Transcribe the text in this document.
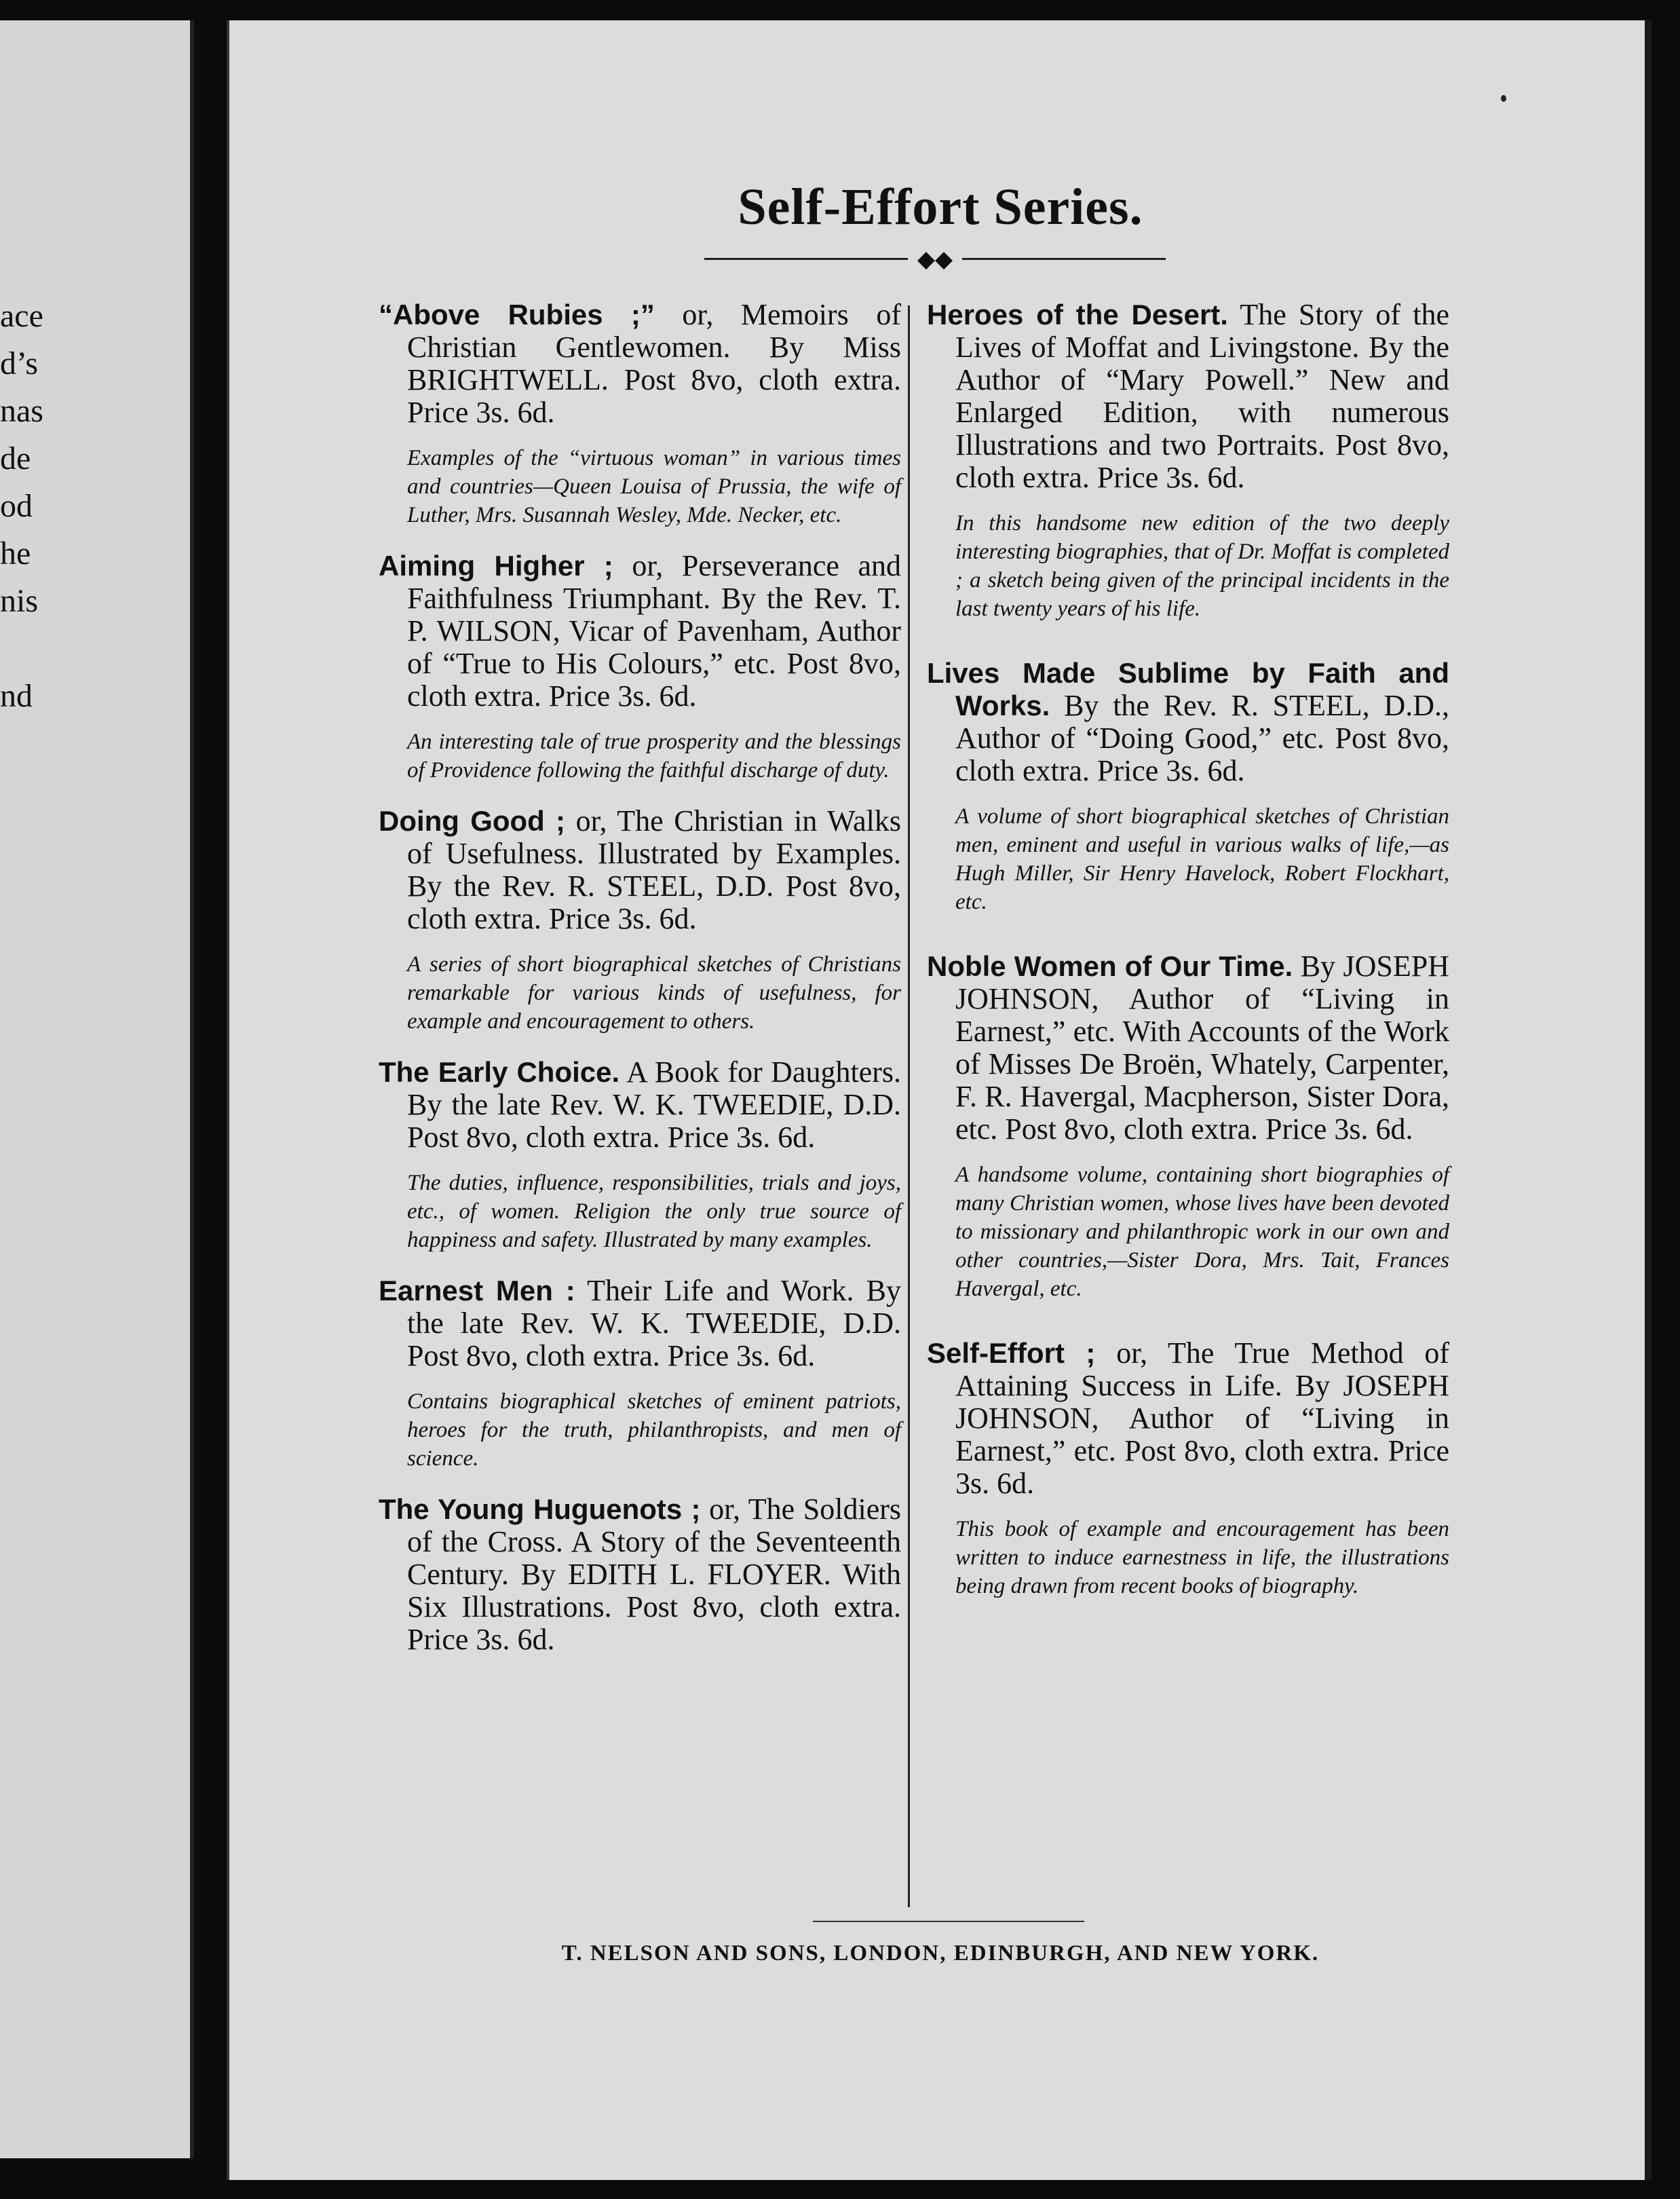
ace
d’s
nas
de
od
he
nis
nd
Self-Effort Series.
◆◆
“Above Rubies ;” or, Memoirs of Christian Gentlewomen. By Miss BRIGHTWELL. Post 8vo, cloth extra. Price 3s. 6d.
Examples of the “virtuous woman” in various times and countries—Queen Louisa of Prussia, the wife of Luther, Mrs. Susannah Wesley, Mde. Necker, etc.
Aiming Higher ; or, Perseverance and Faithfulness Triumphant. By the Rev. T. P. WILSON, Vicar of Pavenham, Author of “True to His Colours,” etc. Post 8vo, cloth extra. Price 3s. 6d.
An interesting tale of true prosperity and the blessings of Providence following the faithful discharge of duty.
Doing Good ; or, The Christian in Walks of Usefulness. Illustrated by Examples. By the Rev. R. STEEL, D.D. Post 8vo, cloth extra. Price 3s. 6d.
A series of short biographical sketches of Christians remarkable for various kinds of usefulness, for example and encouragement to others.
The Early Choice. A Book for Daughters. By the late Rev. W. K. TWEEDIE, D.D. Post 8vo, cloth extra. Price 3s. 6d.
The duties, influence, responsibilities, trials and joys, etc., of women. Religion the only true source of happiness and safety. Illustrated by many examples.
Earnest Men : Their Life and Work. By the late Rev. W. K. TWEEDIE, D.D. Post 8vo, cloth extra. Price 3s. 6d.
Contains biographical sketches of eminent patriots, heroes for the truth, philanthropists, and men of science.
The Young Huguenots ; or, The Soldiers of the Cross. A Story of the Seventeenth Century. By EDITH L. FLOYER. With Six Illustrations. Post 8vo, cloth extra. Price 3s. 6d.
Heroes of the Desert. The Story of the Lives of Moffat and Livingstone. By the Author of “Mary Powell.” New and Enlarged Edition, with numerous Illustrations and two Portraits. Post 8vo, cloth extra. Price 3s. 6d.
In this handsome new edition of the two deeply interesting biographies, that of Dr. Moffat is completed ; a sketch being given of the principal incidents in the last twenty years of his life.
Lives Made Sublime by Faith and Works. By the Rev. R. STEEL, D.D., Author of “Doing Good,” etc. Post 8vo, cloth extra. Price 3s. 6d.
A volume of short biographical sketches of Christian men, eminent and useful in various walks of life,—as Hugh Miller, Sir Henry Havelock, Robert Flockhart, etc.
Noble Women of Our Time. By JOSEPH JOHNSON, Author of “Living in Earnest,” etc. With Accounts of the Work of Misses De Broën, Whately, Carpenter, F. R. Havergal, Macpherson, Sister Dora, etc. Post 8vo, cloth extra. Price 3s. 6d.
A handsome volume, containing short biographies of many Christian women, whose lives have been devoted to missionary and philanthropic work in our own and other countries,—Sister Dora, Mrs. Tait, Frances Havergal, etc.
Self-Effort ; or, The True Method of Attaining Success in Life. By JOSEPH JOHNSON, Author of “Living in Earnest,” etc. Post 8vo, cloth extra. Price 3s. 6d.
This book of example and encouragement has been written to induce earnestness in life, the illustrations being drawn from recent books of biography.
T. NELSON AND SONS, LONDON, EDINBURGH, AND NEW YORK.
